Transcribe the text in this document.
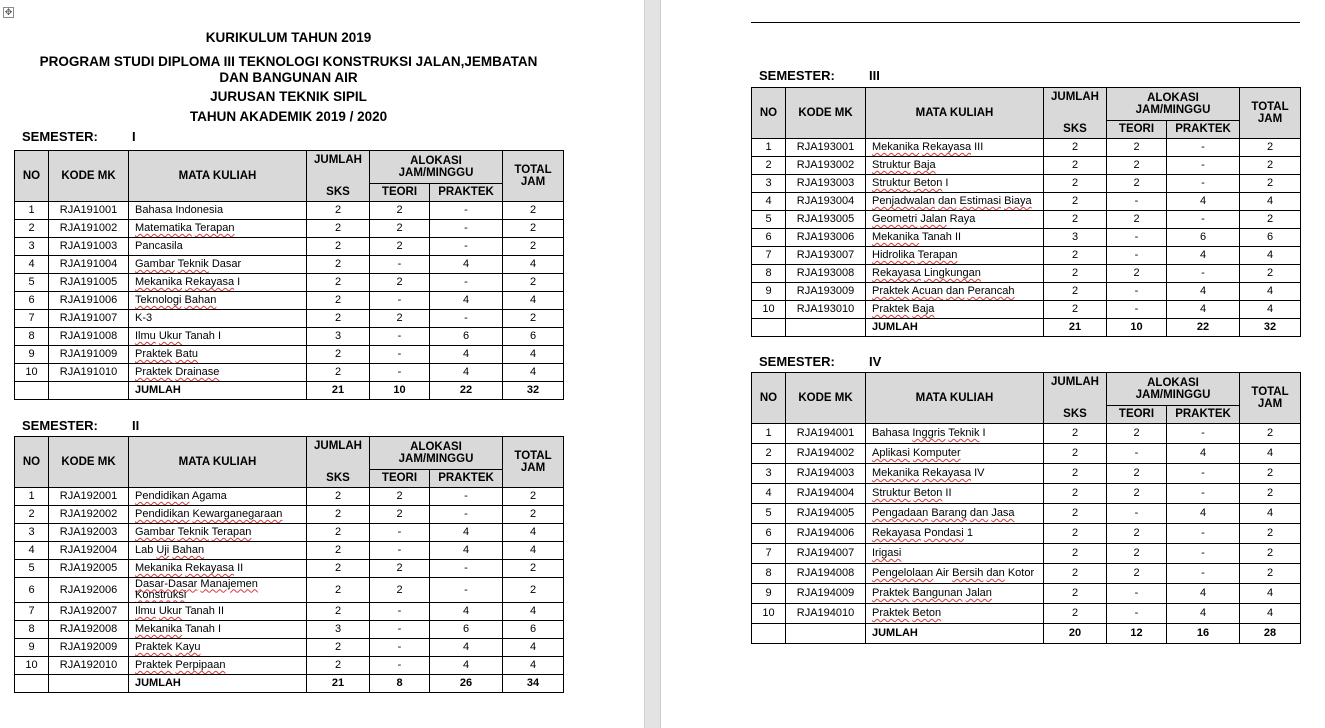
✥
KURIKULUM TAHUN 2019
PROGRAM STUDI DIPLOMA III TEKNOLOGI KONSTRUKSI JALAN,JEMBATAN
DAN BANGUNAN AIR
JURUSAN TEKNIK SIPIL
TAHUN AKADEMIK 2019 / 2020
SEMESTER:	I
NO	KODE MK	MATA KULIAH	JUMLAH	ALOKASI JAM/MINGGU		TOTAL JAM
			SKS	TEORI	PRAKTEK	
1	RJA191001	Bahasa Indonesia	2	2	-	2
2	RJA191002	Matematika Terapan	2	2	-	2
3	RJA191003	Pancasila	2	2	-	2
4	RJA191004	Gambar Teknik Dasar	2	-	4	4
5	RJA191005	Mekanika Rekayasa I	2	2	-	2
6	RJA191006	Teknologi Bahan	2	-	4	4
7	RJA191007	K-3	2	2	-	2
8	RJA191008	Ilmu Ukur Tanah I	3	-	6	6
9	RJA191009	Praktek Batu	2	-	4	4
10	RJA191010	Praktek Drainase	2	-	4	4
		JUMLAH	21	10	22	32
SEMESTER:	II
NO	KODE MK	MATA KULIAH	JUMLAH	ALOKASI JAM/MINGGU		TOTAL JAM
			SKS	TEORI	PRAKTEK	
1	RJA192001	Pendidikan Agama	2	2	-	2
2	RJA192002	Pendidikan Kewarganegaraan	2	2	-	2
3	RJA192003	Gambar Teknik Terapan	2	-	4	4
4	RJA192004	Lab Uji Bahan	2	-	4	4
5	RJA192005	Mekanika Rekayasa II	2	2	-	2
6	RJA192006	Dasar-Dasar Manajemen Konstruksi	2	2	-	2
7	RJA192007	Ilmu Ukur Tanah II	2	-	4	4
8	RJA192008	Mekanika Tanah I	3	-	6	6
9	RJA192009	Praktek Kayu	2	-	4	4
10	RJA192010	Praktek Perpipaan	2	-	4	4
		JUMLAH	21	8	26	34
SEMESTER:	III
NO	KODE MK	MATA KULIAH	JUMLAH	ALOKASI JAM/MINGGU		TOTAL JAM
			SKS	TEORI	PRAKTEK	
1	RJA193001	Mekanika Rekayasa III	2	2	-	2
2	RJA193002	Struktur Baja	2	2	-	2
3	RJA193003	Struktur Beton I	2	2	-	2
4	RJA193004	Penjadwalan dan Estimasi Biaya	2	-	4	4
5	RJA193005	Geometri Jalan Raya	2	2	-	2
6	RJA193006	Mekanika Tanah II	3	-	6	6
7	RJA193007	Hidrolika Terapan	2	-	4	4
8	RJA193008	Rekayasa Lingkungan	2	2	-	2
9	RJA193009	Praktek Acuan dan Perancah	2	-	4	4
10	RJA193010	Praktek Baja	2	-	4	4
		JUMLAH	21	10	22	32
SEMESTER:	IV
NO	KODE MK	MATA KULIAH	JUMLAH	ALOKASI JAM/MINGGU		TOTAL JAM
			SKS	TEORI	PRAKTEK	
1	RJA194001	Bahasa Inggris Teknik I	2	2	-	2
2	RJA194002	Aplikasi Komputer	2	-	4	4
3	RJA194003	Mekanika Rekayasa IV	2	2	-	2
4	RJA194004	Struktur Beton II	2	2	-	2
5	RJA194005	Pengadaan Barang dan Jasa	2	-	4	4
6	RJA194006	Rekayasa Pondasi 1	2	2	-	2
7	RJA194007	Irigasi	2	2	-	2
8	RJA194008	Pengelolaan Air Bersih dan Kotor	2	2	-	2
9	RJA194009	Praktek Bangunan Jalan	2	-	4	4
10	RJA194010	Praktek Beton	2	-	4	4
		JUMLAH	20	12	16	28
